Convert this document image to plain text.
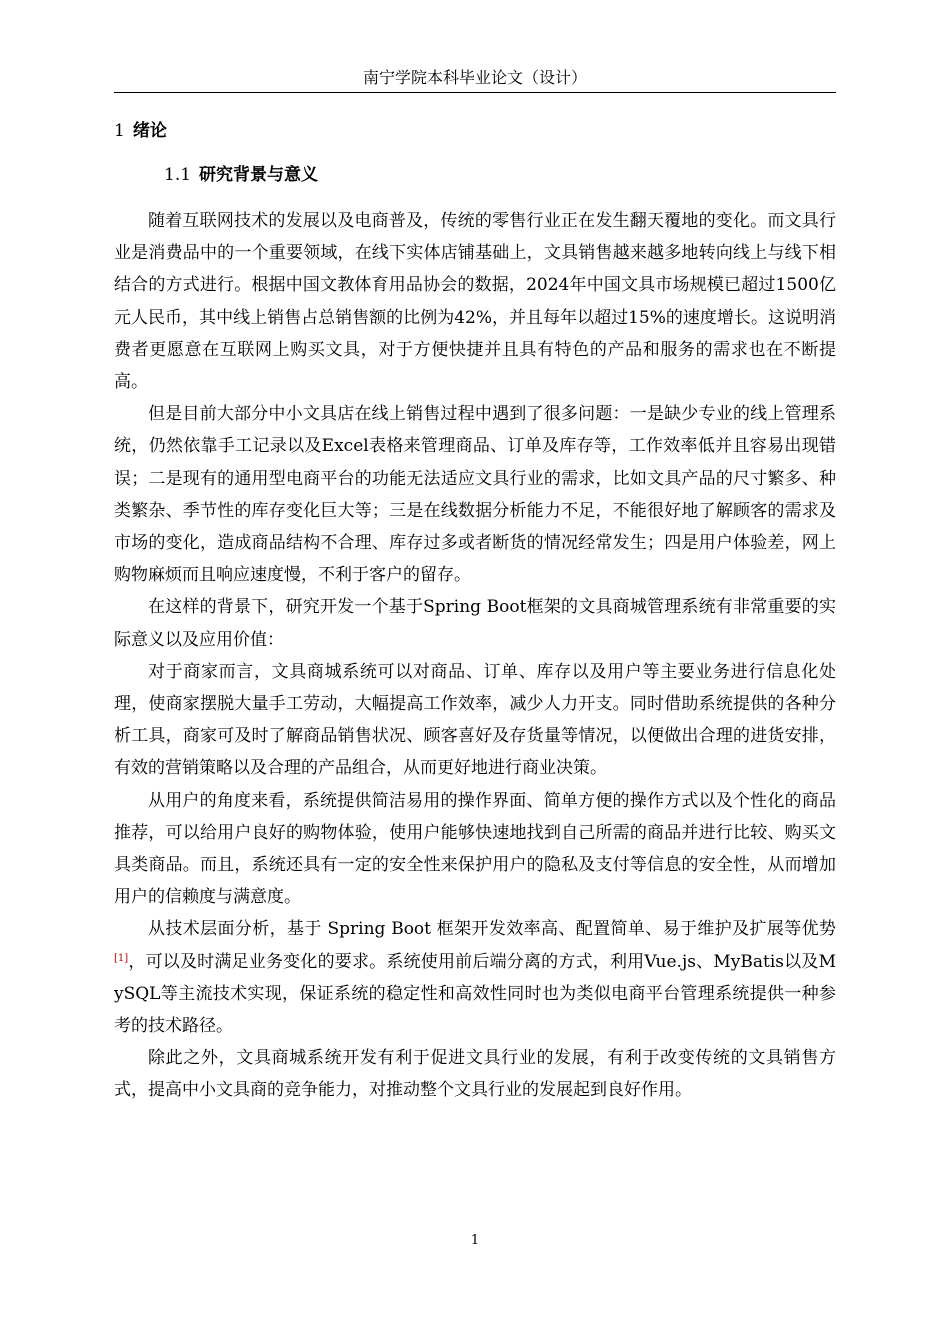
南宁学院本科毕业论文（设计）
1 绪论
1.1 研究背景与意义

随着互联网技术的发展以及电商普及，传统的零售行业正在发生翻天覆地的变化。而文具行业是消费品中的一个重要领域，在线下实体店铺基础上，文具销售越来越多地转向线上与线下相结合的方式进行。根据中国文教体育用品协会的数据，2024年中国文具市场规模已超过1500亿元人民币，其中线上销售占总销售额的比例为42%，并且每年以超过15%的速度增长。这说明消费者更愿意在互联网上购买文具，对于方便快捷并且具有特色的产品和服务的需求也在不断提高。

但是目前大部分中小文具店在线上销售过程中遇到了很多问题：一是缺少专业的线上管理系统，仍然依靠手工记录以及Excel表格来管理商品、订单及库存等，工作效率低并且容易出现错误；二是现有的通用型电商平台的功能无法适应文具行业的需求，比如文具产品的尺寸繁多、种类繁杂、季节性的库存变化巨大等；三是在线数据分析能力不足，不能很好地了解顾客的需求及市场的变化，造成商品结构不合理、库存过多或者断货的情况经常发生；四是用户体验差，网上购物麻烦而且响应速度慢，不利于客户的留存。

在这样的背景下，研究开发一个基于Spring Boot框架的文具商城管理系统有非常重要的实际意义以及应用价值：

对于商家而言，文具商城系统可以对商品、订单、库存以及用户等主要业务进行信息化处理，使商家摆脱大量手工劳动，大幅提高工作效率，减少人力开支。同时借助系统提供的各种分析工具，商家可及时了解商品销售状况、顾客喜好及存货量等情况，以便做出合理的进货安排，有效的营销策略以及合理的产品组合，从而更好地进行商业决策。

从用户的角度来看，系统提供简洁易用的操作界面、简单方便的操作方式以及个性化的商品推荐，可以给用户良好的购物体验，使用户能够快速地找到自己所需的商品并进行比较、购买文具类商品。而且，系统还具有一定的安全性来保护用户的隐私及支付等信息的安全性，从而增加用户的信赖度与满意度。

从技术层面分析，基于 Spring Boot 框架开发效率高、配置简单、易于维护及扩展等优势[1]，可以及时满足业务变化的要求。系统使用前后端分离的方式，利用Vue.js、MyBatis以及MySQL等主流技术实现，保证系统的稳定性和高效性同时也为类似电商平台管理系统提供一种参考的技术路径。

除此之外，文具商城系统开发有利于促进文具行业的发展，有利于改变传统的文具销售方式，提高中小文具商的竞争能力，对推动整个文具行业的发展起到良好作用。

1
